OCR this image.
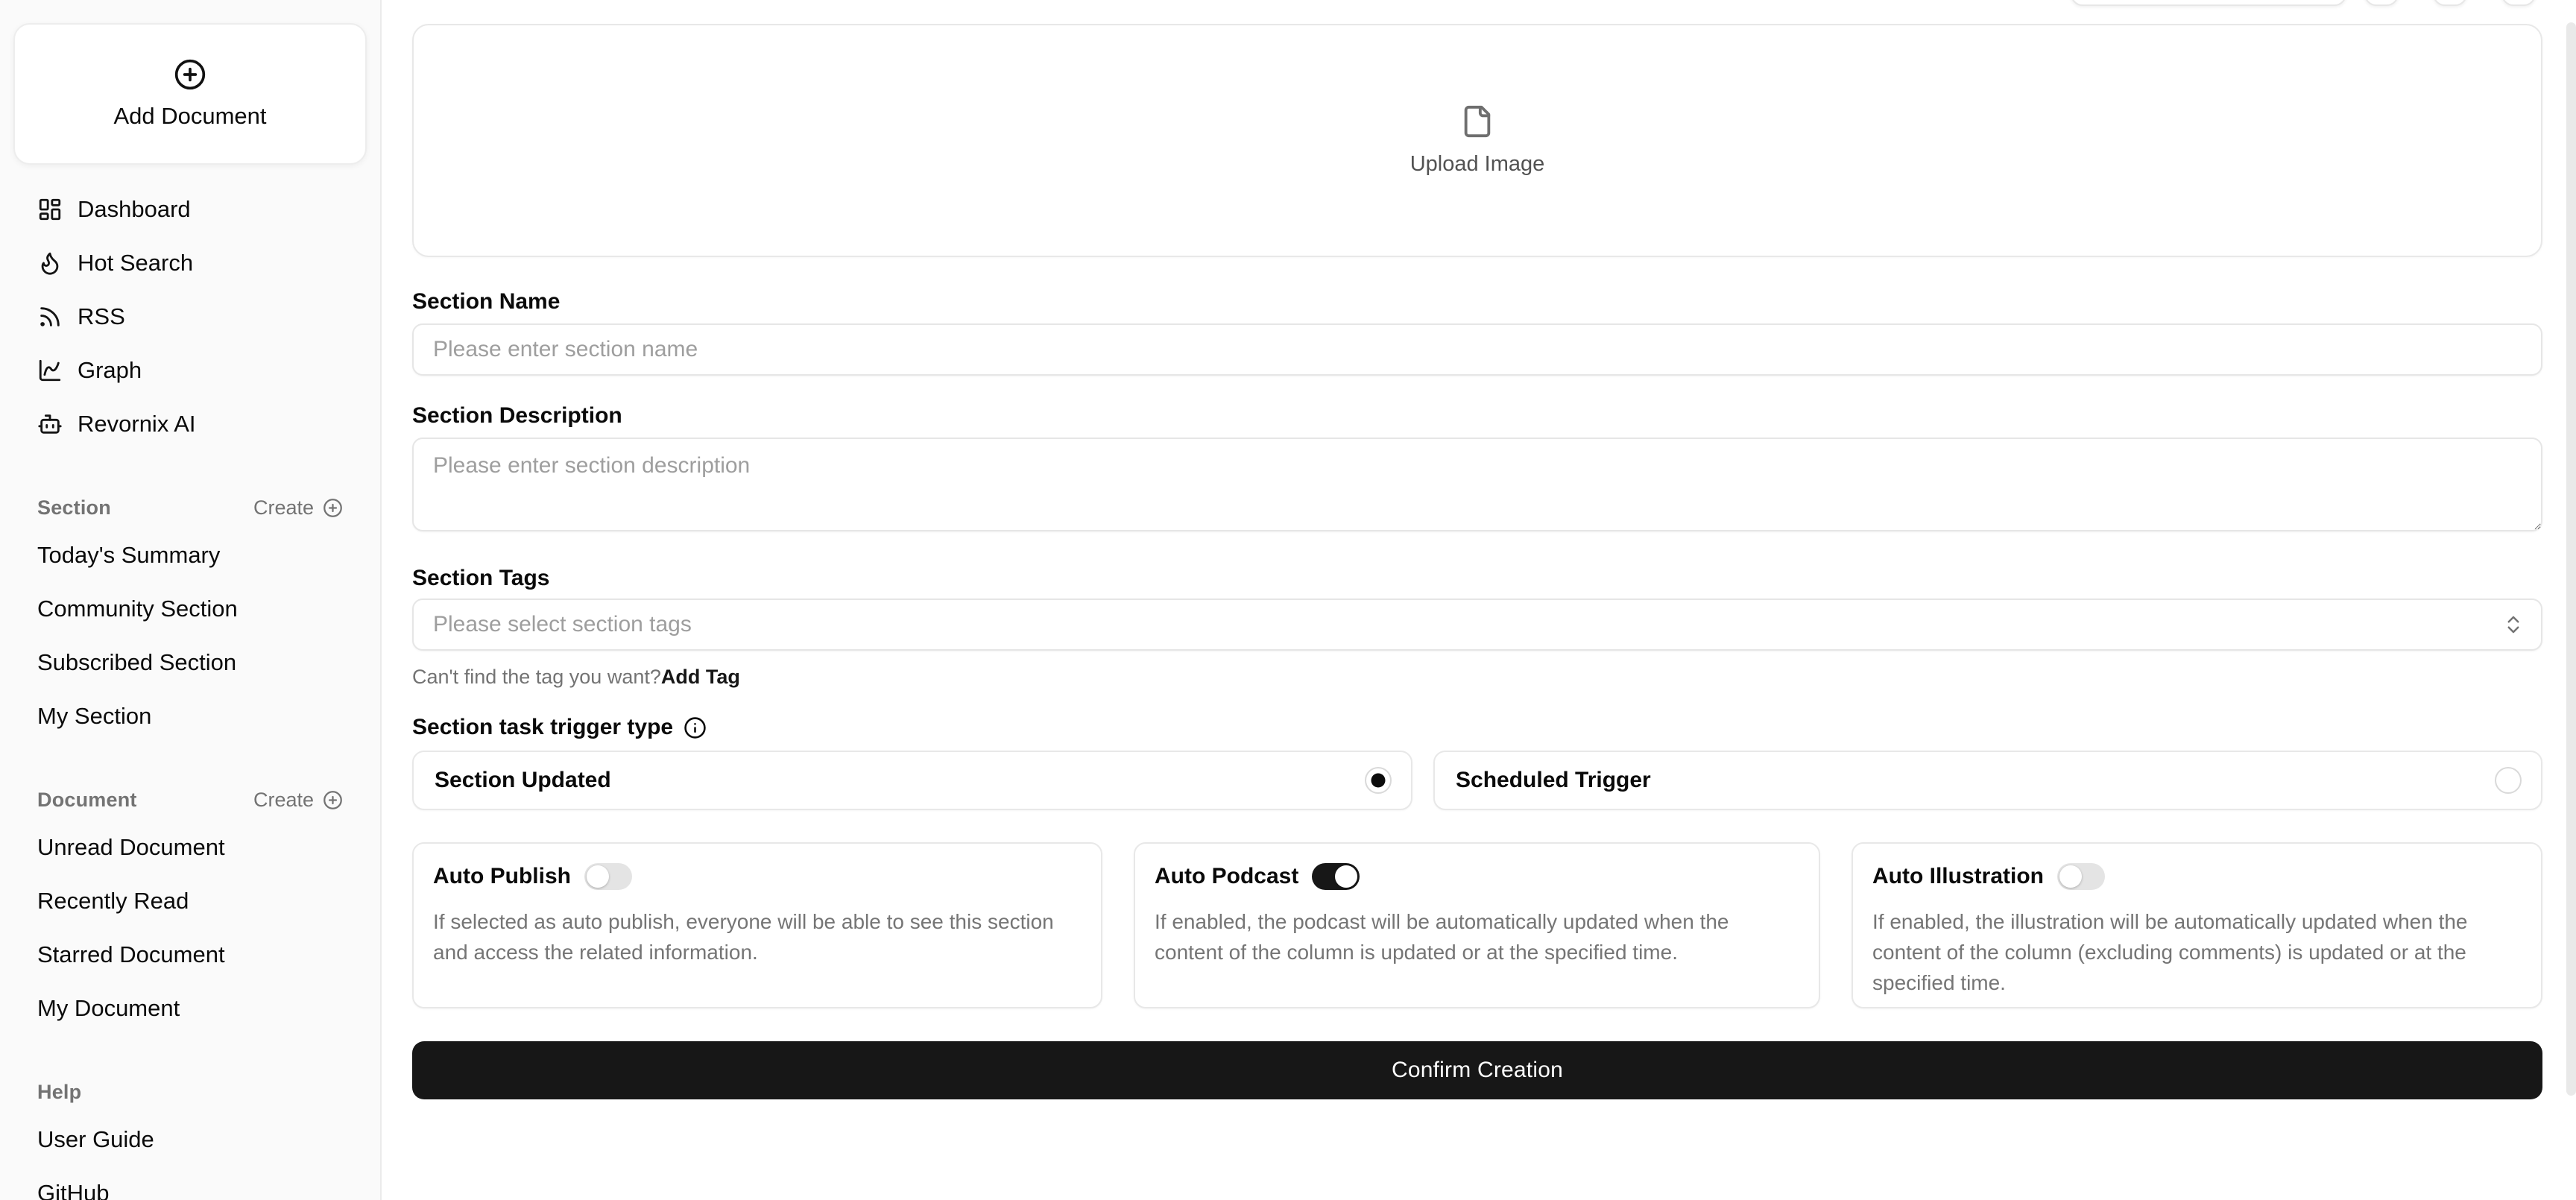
Add Document
Dashboard
Hot Search
RSS
Graph
Revornix AI
Section	Create
Today's Summary
Community Section
Subscribed Section
My Section
Document	Create
Unread Document
Recently Read
Starred Document
My Document
Help
User Guide
GitHub
Upload Image
Section Name
Please enter section name
Section Description
Please enter section description
Section Tags
Please select section tags
Can't find the tag you want?Add Tag
Section task trigger type
Section Updated	Scheduled Trigger
Auto Publish
If selected as auto publish, everyone will be able to see this section and access the related information.
Auto Podcast
If enabled, the podcast will be automatically updated when the content of the column is updated or at the specified time.
Auto Illustration
If enabled, the illustration will be automatically updated when the content of the column (excluding comments) is updated or at the specified time.
Confirm Creation
